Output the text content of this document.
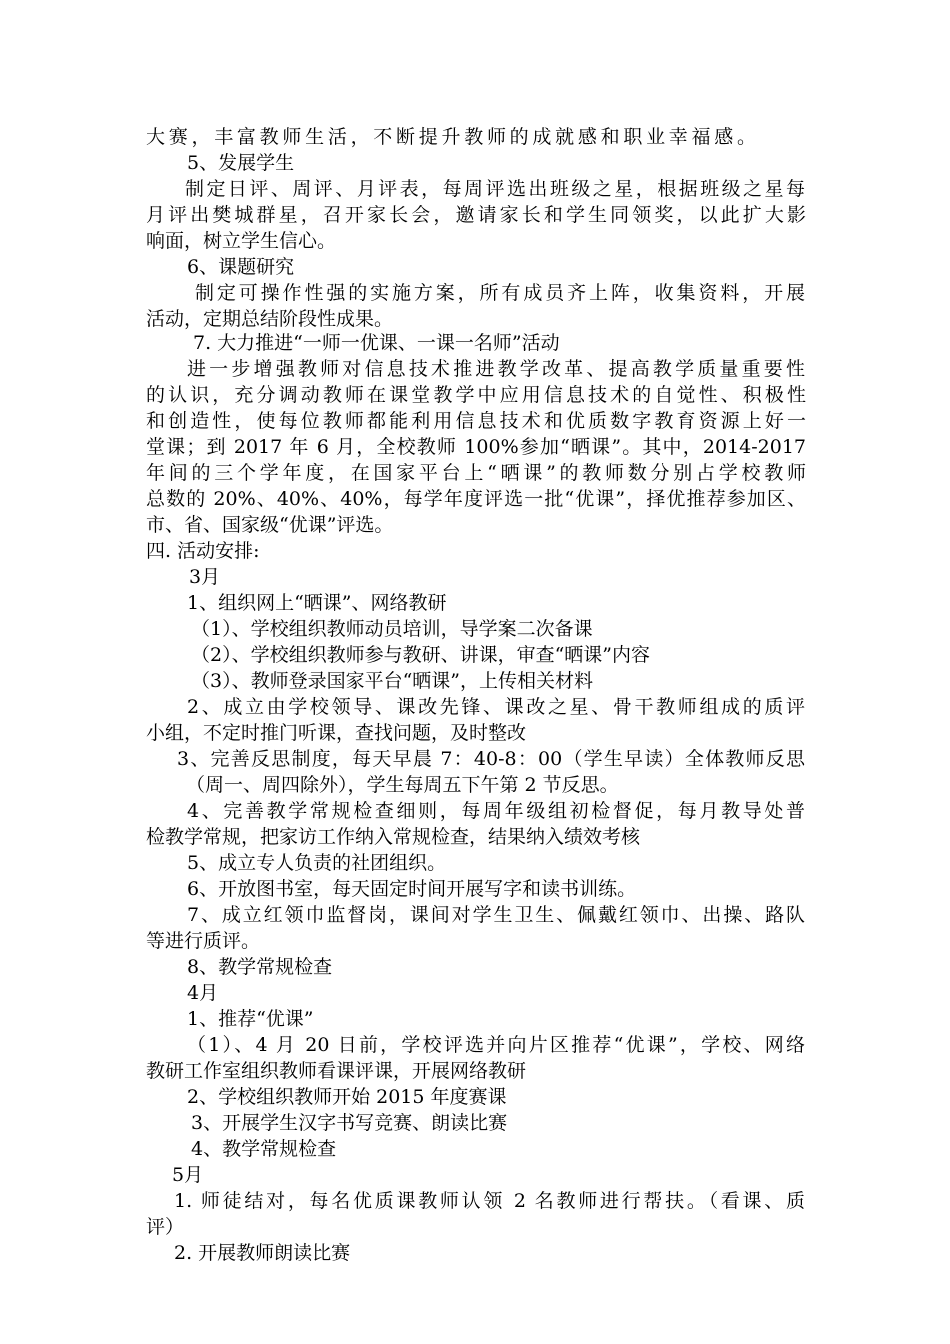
大赛，丰富教师生活，不断提升教师的成就感和职业幸福感。
5、发展学生
制定日评、周评、月评表，每周评选出班级之星，根据班级之星每
月评出樊城群星，召开家长会，邀请家长和学生同领奖，以此扩大影
响面，树立学生信心。
6、课题研究
制定可操作性强的实施方案，所有成员齐上阵，收集资料，开展
活动，定期总结阶段性成果。
7. 大力推进“一师一优课、一课一名师”活动
进一步增强教师对信息技术推进教学改革、提高教学质量重要性
的认识，充分调动教师在课堂教学中应用信息技术的自觉性、积极性
和创造性，使每位教师都能利用信息技术和优质数字教育资源上好一
堂课；到 2017 年 6 月，全校教师 100%参加“晒课”。其中，2014-2017
年间的三个学年度，在国家平台上“晒课”的教师数分别占学校教师
总数的 20%、40%、40%，每学年度评选一批“优课”，择优推荐参加区、
市、省、国家级“优课”评选。
四. 活动安排:
3月
1、组织网上“晒课”、网络教研
（1）、学校组织教师动员培训，导学案二次备课
（2）、学校组织教师参与教研、讲课，审查“晒课”内容
（3）、教师登录国家平台“晒课”，上传相关材料
2、成立由学校领导、课改先锋、课改之星、骨干教师组成的质评
小组，不定时推门听课，查找问题，及时整改
3、完善反思制度，每天早晨 7：40-8：00（学生早读）全体教师反思
（周一、周四除外），学生每周五下午第 2 节反思。
4、完善教学常规检查细则，每周年级组初检督促，每月教导处普
检教学常规，把家访工作纳入常规检查，结果纳入绩效考核
5、成立专人负责的社团组织。
6、开放图书室，每天固定时间开展写字和读书训练。
7、成立红领巾监督岗，课间对学生卫生、佩戴红领巾、出操、路队
等进行质评。
8、教学常规检查
4月
1、推荐“优课”
（1）、4 月 20 日前，学校评选并向片区推荐“优课”，学校、网络
教研工作室组织教师看课评课，开展网络教研
2、学校组织教师开始 2015 年度赛课
3、开展学生汉字书写竞赛、朗读比赛
4、教学常规检查
5月
1. 师徒结对，每名优质课教师认领 2 名教师进行帮扶。（看课、质
评）
2. 开展教师朗读比赛
